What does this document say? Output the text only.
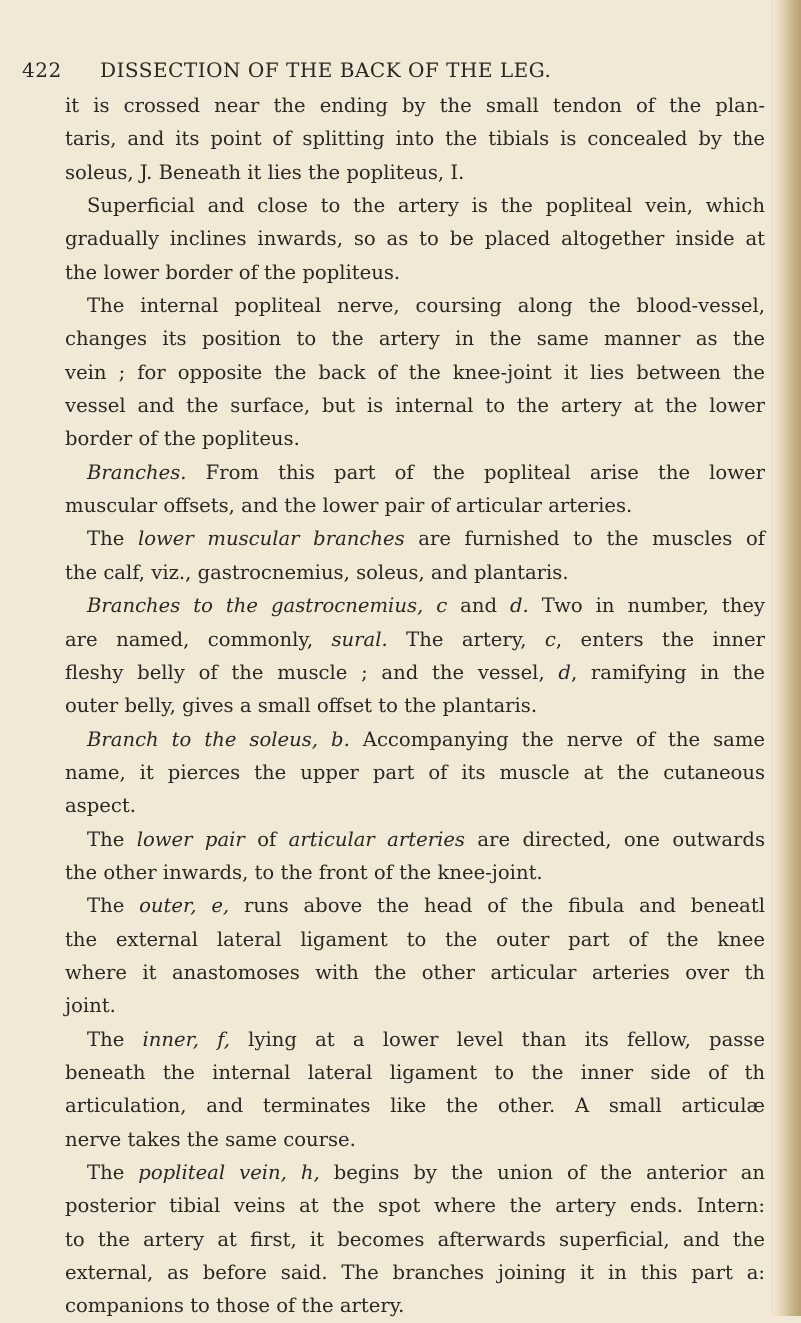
422 DISSECTION OF THE BACK OF THE LEG.
it is crossed near the ending by the small tendon of the plan-
taris, and its point of splitting into the tibials is concealed by the
soleus, J. Beneath it lies the popliteus, I.
Superficial and close to the artery is the popliteal vein, which
gradually inclines inwards, so as to be placed altogether inside at
the lower border of the popliteus.
The internal popliteal nerve, coursing along the blood-vessel,
changes its position to the artery in the same manner as the
vein ; for opposite the back of the knee-joint it lies between the
vessel and the surface, but is internal to the artery at the lower
border of the popliteus.
Branches. From this part of the popliteal arise the lower
muscular offsets, and the lower pair of articular arteries.
The lower muscular branches are furnished to the muscles of
the calf, viz., gastrocnemius, soleus, and plantaris.
Branches to the gastrocnemius, c and d. Two in number, they
are named, commonly, sural. The artery, c, enters the inner
fleshy belly of the muscle ; and the vessel, d, ramifying in the
outer belly, gives a small offset to the plantaris.
Branch to the soleus, b. Accompanying the nerve of the same
name, it pierces the upper part of its muscle at the cutaneous
aspect.
The lower pair of articular arteries are directed, one outwards
the other inwards, to the front of the knee-joint.
The outer, e, runs above the head of the fibula and beneatl
the external lateral ligament to the outer part of the knee
where it anastomoses with the other articular arteries over th
joint.
The inner, f, lying at a lower level than its fellow, passe
beneath the internal lateral ligament to the inner side of th
articulation, and terminates like the other. A small articulæ
nerve takes the same course.
The popliteal vein, h, begins by the union of the anterior an
posterior tibial veins at the spot where the artery ends. Intern:
to the artery at first, it becomes afterwards superficial, and the
external, as before said. The branches joining it in this part a:
companions to those of the artery.
